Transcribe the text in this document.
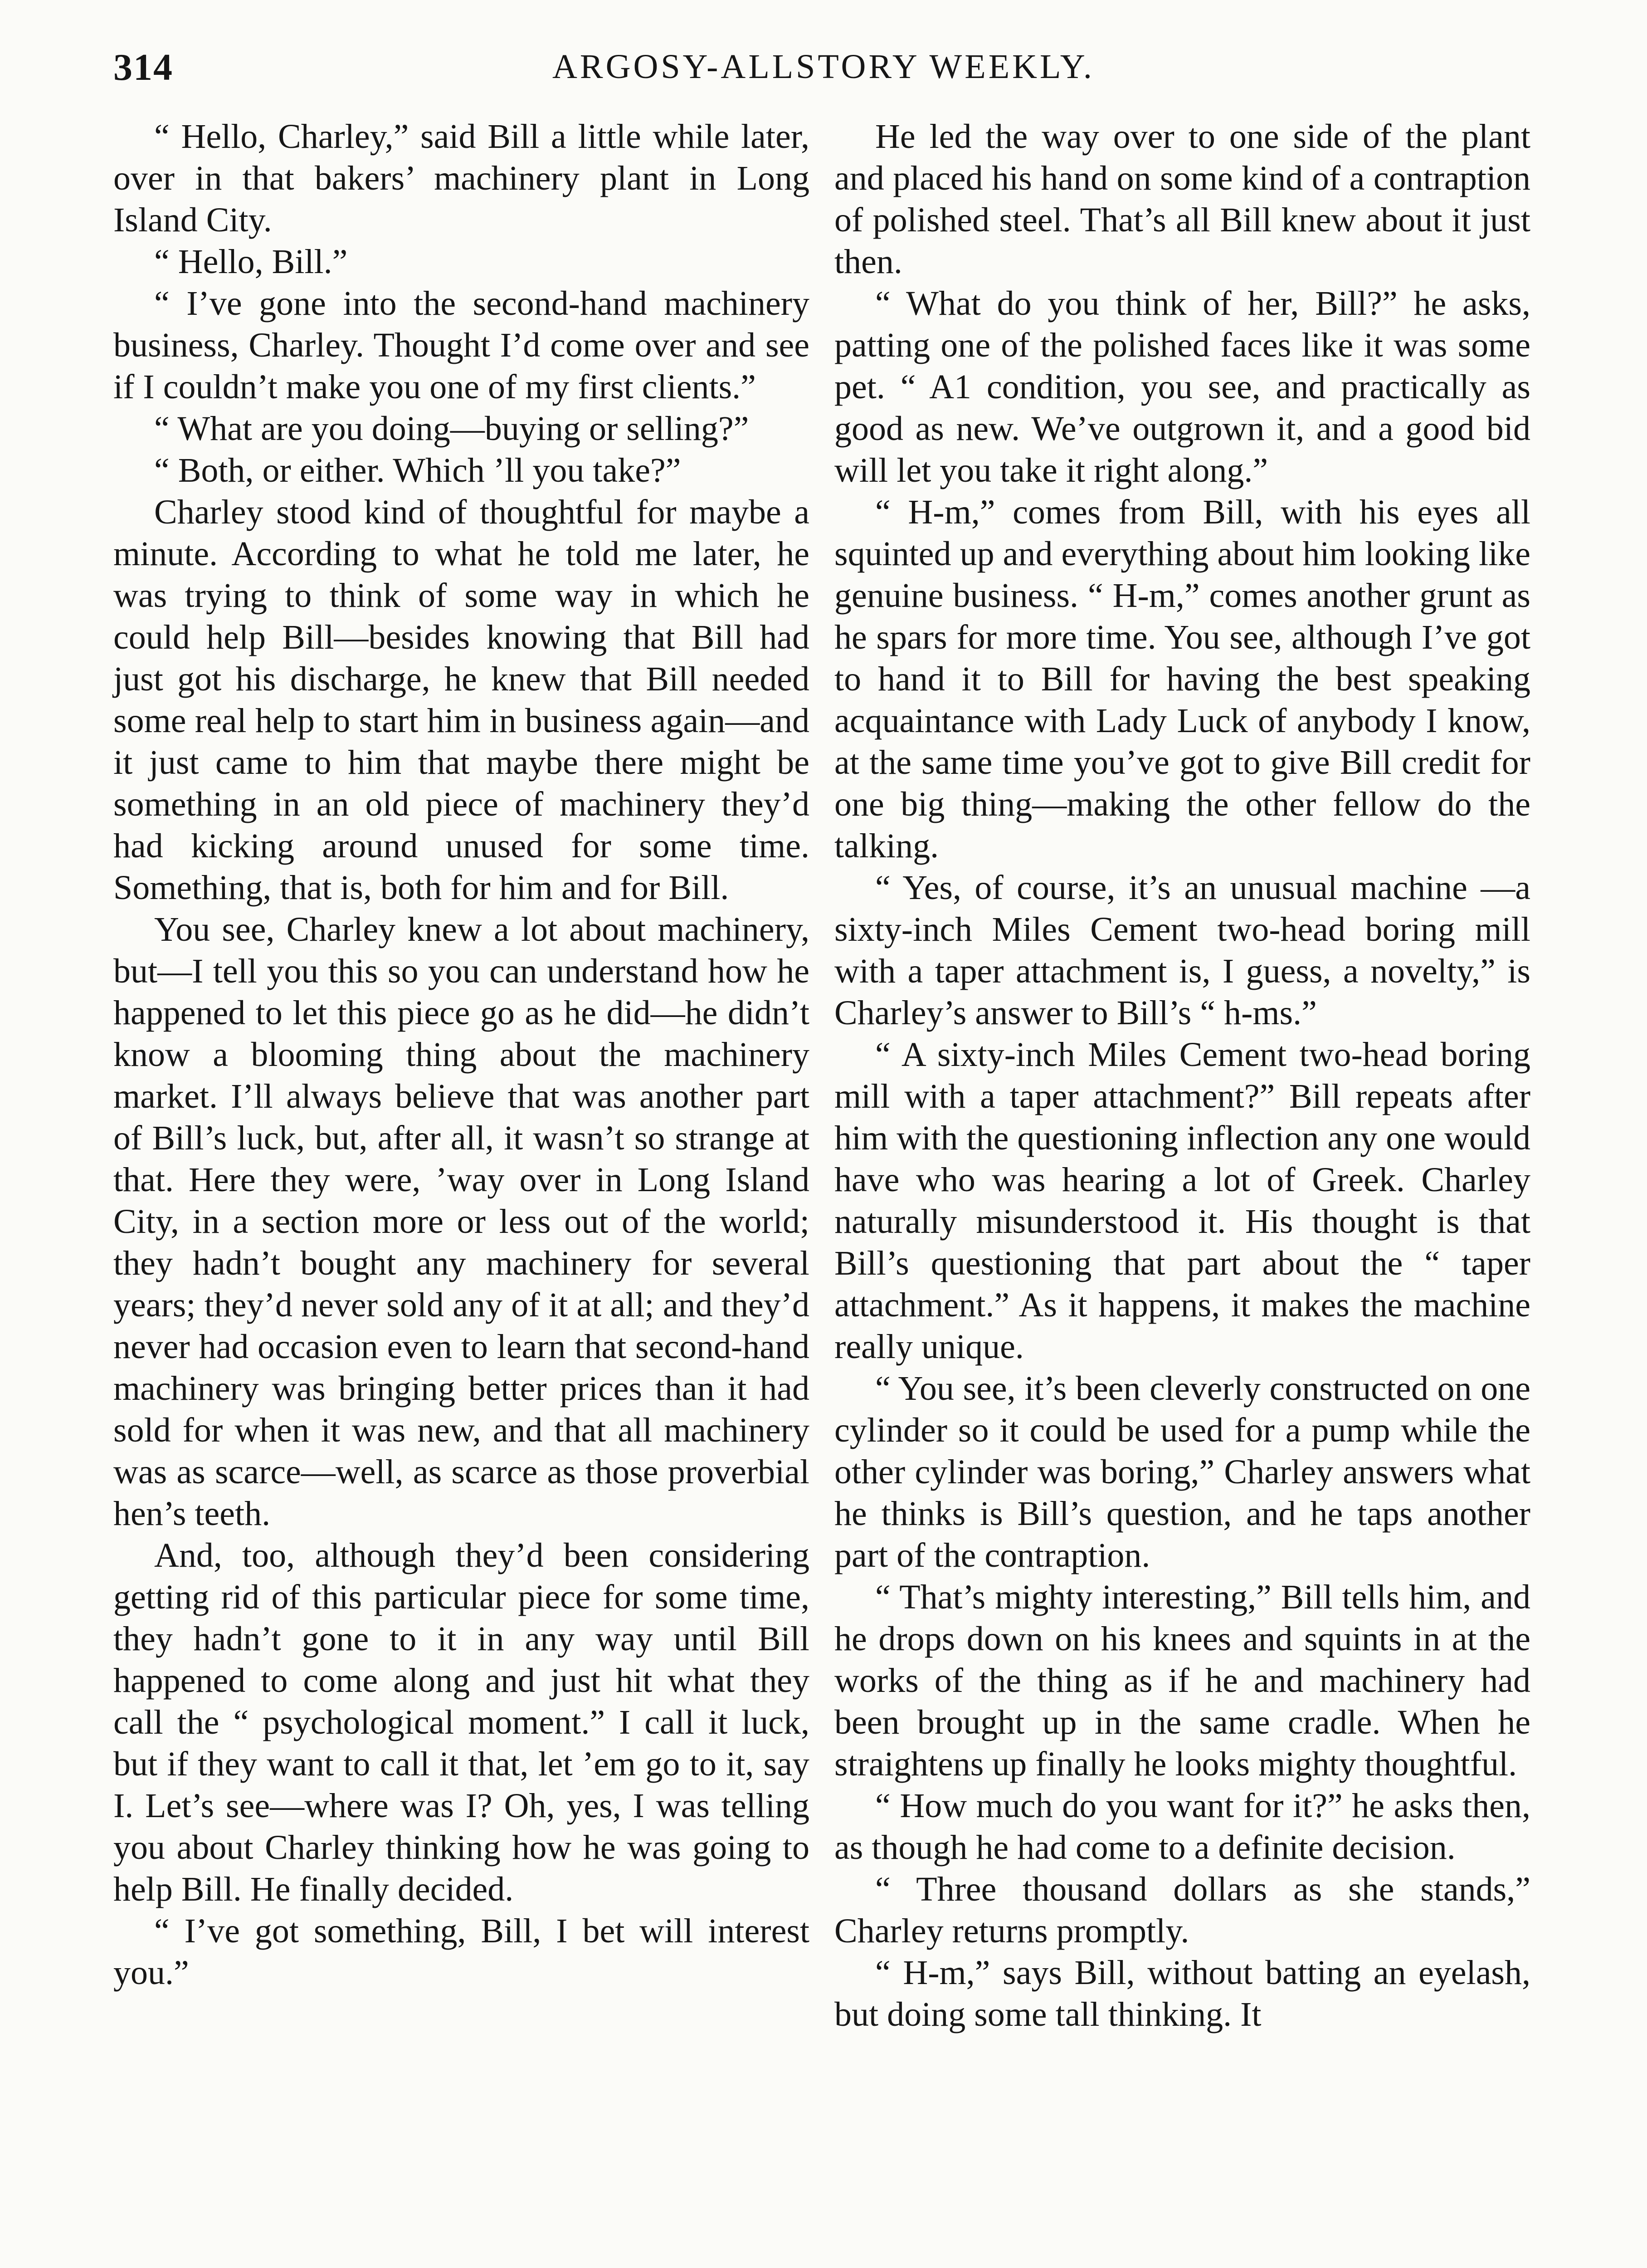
314	ARGOSY-ALLSTORY WEEKLY.

“ Hello, Charley,” said Bill a little while later, over in that bakers’ machinery plant in Long Island City.

“ Hello, Bill.”

“ I’ve gone into the second-hand machinery business, Charley. Thought I’d come over and see if I couldn’t make you one of my first clients.”

“ What are you doing—buying or selling?”

“ Both, or either. Which ’ll you take?”

Charley stood kind of thoughtful for maybe a minute. According to what he told me later, he was trying to think of some way in which he could help Bill—besides knowing that Bill had just got his discharge, he knew that Bill needed some real help to start him in business again—and it just came to him that maybe there might be something in an old piece of machinery they’d had kicking around unused for some time. Something, that is, both for him and for Bill.

You see, Charley knew a lot about machinery, but—I tell you this so you can understand how he happened to let this piece go as he did—he didn’t know a blooming thing about the machinery market. I’ll always believe that was another part of Bill’s luck, but, after all, it wasn’t so strange at that. Here they were, ’way over in Long Island City, in a section more or less out of the world; they hadn’t bought any machinery for several years; they’d never sold any of it at all; and they’d never had occasion even to learn that second-hand machinery was bringing better prices than it had sold for when it was new, and that all machinery was as scarce—well, as scarce as those proverbial hen’s teeth.

And, too, although they’d been considering getting rid of this particular piece for some time, they hadn’t gone to it in any way until Bill happened to come along and just hit what they call the “ psychological moment.” I call it luck, but if they want to call it that, let ’em go to it, say I. Let’s see—where was I? Oh, yes, I was telling you about Charley thinking how he was going to help Bill. He finally decided.

“ I’ve got something, Bill, I bet will interest you.”

He led the way over to one side of the plant and placed his hand on some kind of a contraption of polished steel. That’s all Bill knew about it just then.

“ What do you think of her, Bill?” he asks, patting one of the polished faces like it was some pet. “ A1 condition, you see, and practically as good as new. We’ve outgrown it, and a good bid will let you take it right along.”

“ H-m,” comes from Bill, with his eyes all squinted up and everything about him looking like genuine business. “ H-m,” comes another grunt as he spars for more time. You see, although I’ve got to hand it to Bill for having the best speaking acquaintance with Lady Luck of anybody I know, at the same time you’ve got to give Bill credit for one big thing—making the other fellow do the talking.

“ Yes, of course, it’s an unusual machine —a sixty-inch Miles Cement two-head boring mill with a taper attachment is, I guess, a novelty,” is Charley’s answer to Bill’s “ h-ms.”

“ A sixty-inch Miles Cement two-head boring mill with a taper attachment?” Bill repeats after him with the questioning inflection any one would have who was hearing a lot of Greek. Charley naturally misunderstood it. His thought is that Bill’s questioning that part about the “ taper attachment.” As it happens, it makes the machine really unique.

“ You see, it’s been cleverly constructed on one cylinder so it could be used for a pump while the other cylinder was boring,” Charley answers what he thinks is Bill’s question, and he taps another part of the contraption.

“ That’s mighty interesting,” Bill tells him, and he drops down on his knees and squints in at the works of the thing as if he and machinery had been brought up in the same cradle. When he straightens up finally he looks mighty thoughtful.

“ How much do you want for it?” he asks then, as though he had come to a definite decision.

“ Three thousand dollars as she stands,” Charley returns promptly.

“ H-m,” says Bill, without batting an eyelash, but doing some tall thinking. It
